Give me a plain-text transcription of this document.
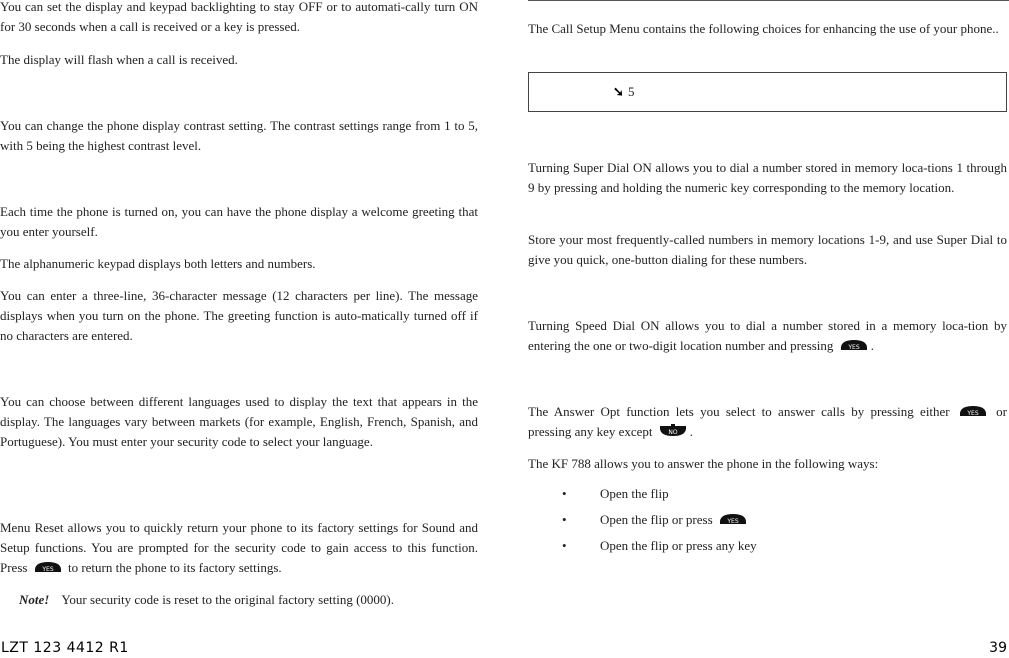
You can set the display and keypad backlighting to stay OFF or to automati-cally turn ON for 30 seconds when a call is received or a key is pressed.

The display will flash when a call is received.

You can change the phone display contrast setting. The contrast settings range from 1 to 5, with 5 being the highest contrast level.

Each time the phone is turned on, you can have the phone display a welcome greeting that you enter yourself.

The alphanumeric keypad displays both letters and numbers.

You can enter a three-line, 36-character message (12 characters per line). The message displays when you turn on the phone. The greeting function is auto-matically turned off if no characters are entered.

You can choose between different languages used to display the text that appears in the display. The languages vary between markets (for example, English, French, Spanish, and Portuguese). You must enter your security code to select your language.

Menu Reset allows you to quickly return your phone to its factory settings for Sound and Setup functions. You are prompted for the security code to gain access to this function. Press YES to return the phone to its factory settings.

Note! Your security code is reset to the original factory setting (0000).

The Call Setup Menu contains the following choices for enhancing the use of your phone..

➘ 5

Turning Super Dial ON allows you to dial a number stored in memory loca-tions 1 through 9 by pressing and holding the numeric key corresponding to the memory location.

Store your most frequently-called numbers in memory locations 1-9, and use Super Dial to give you quick, one-button dialing for these numbers.

Turning Speed Dial ON allows you to dial a number stored in a memory loca-tion by entering the one or two-digit location number and pressing YES .

The Answer Opt function lets you select to answer calls by pressing either	YES or pressing any key except	NO .

The KF 788 allows you to answer the phone in the following ways:

•	Open the flip
•	Open the flip or press YES
•	Open the flip or press any key
LZT 123 4412 R1	39
